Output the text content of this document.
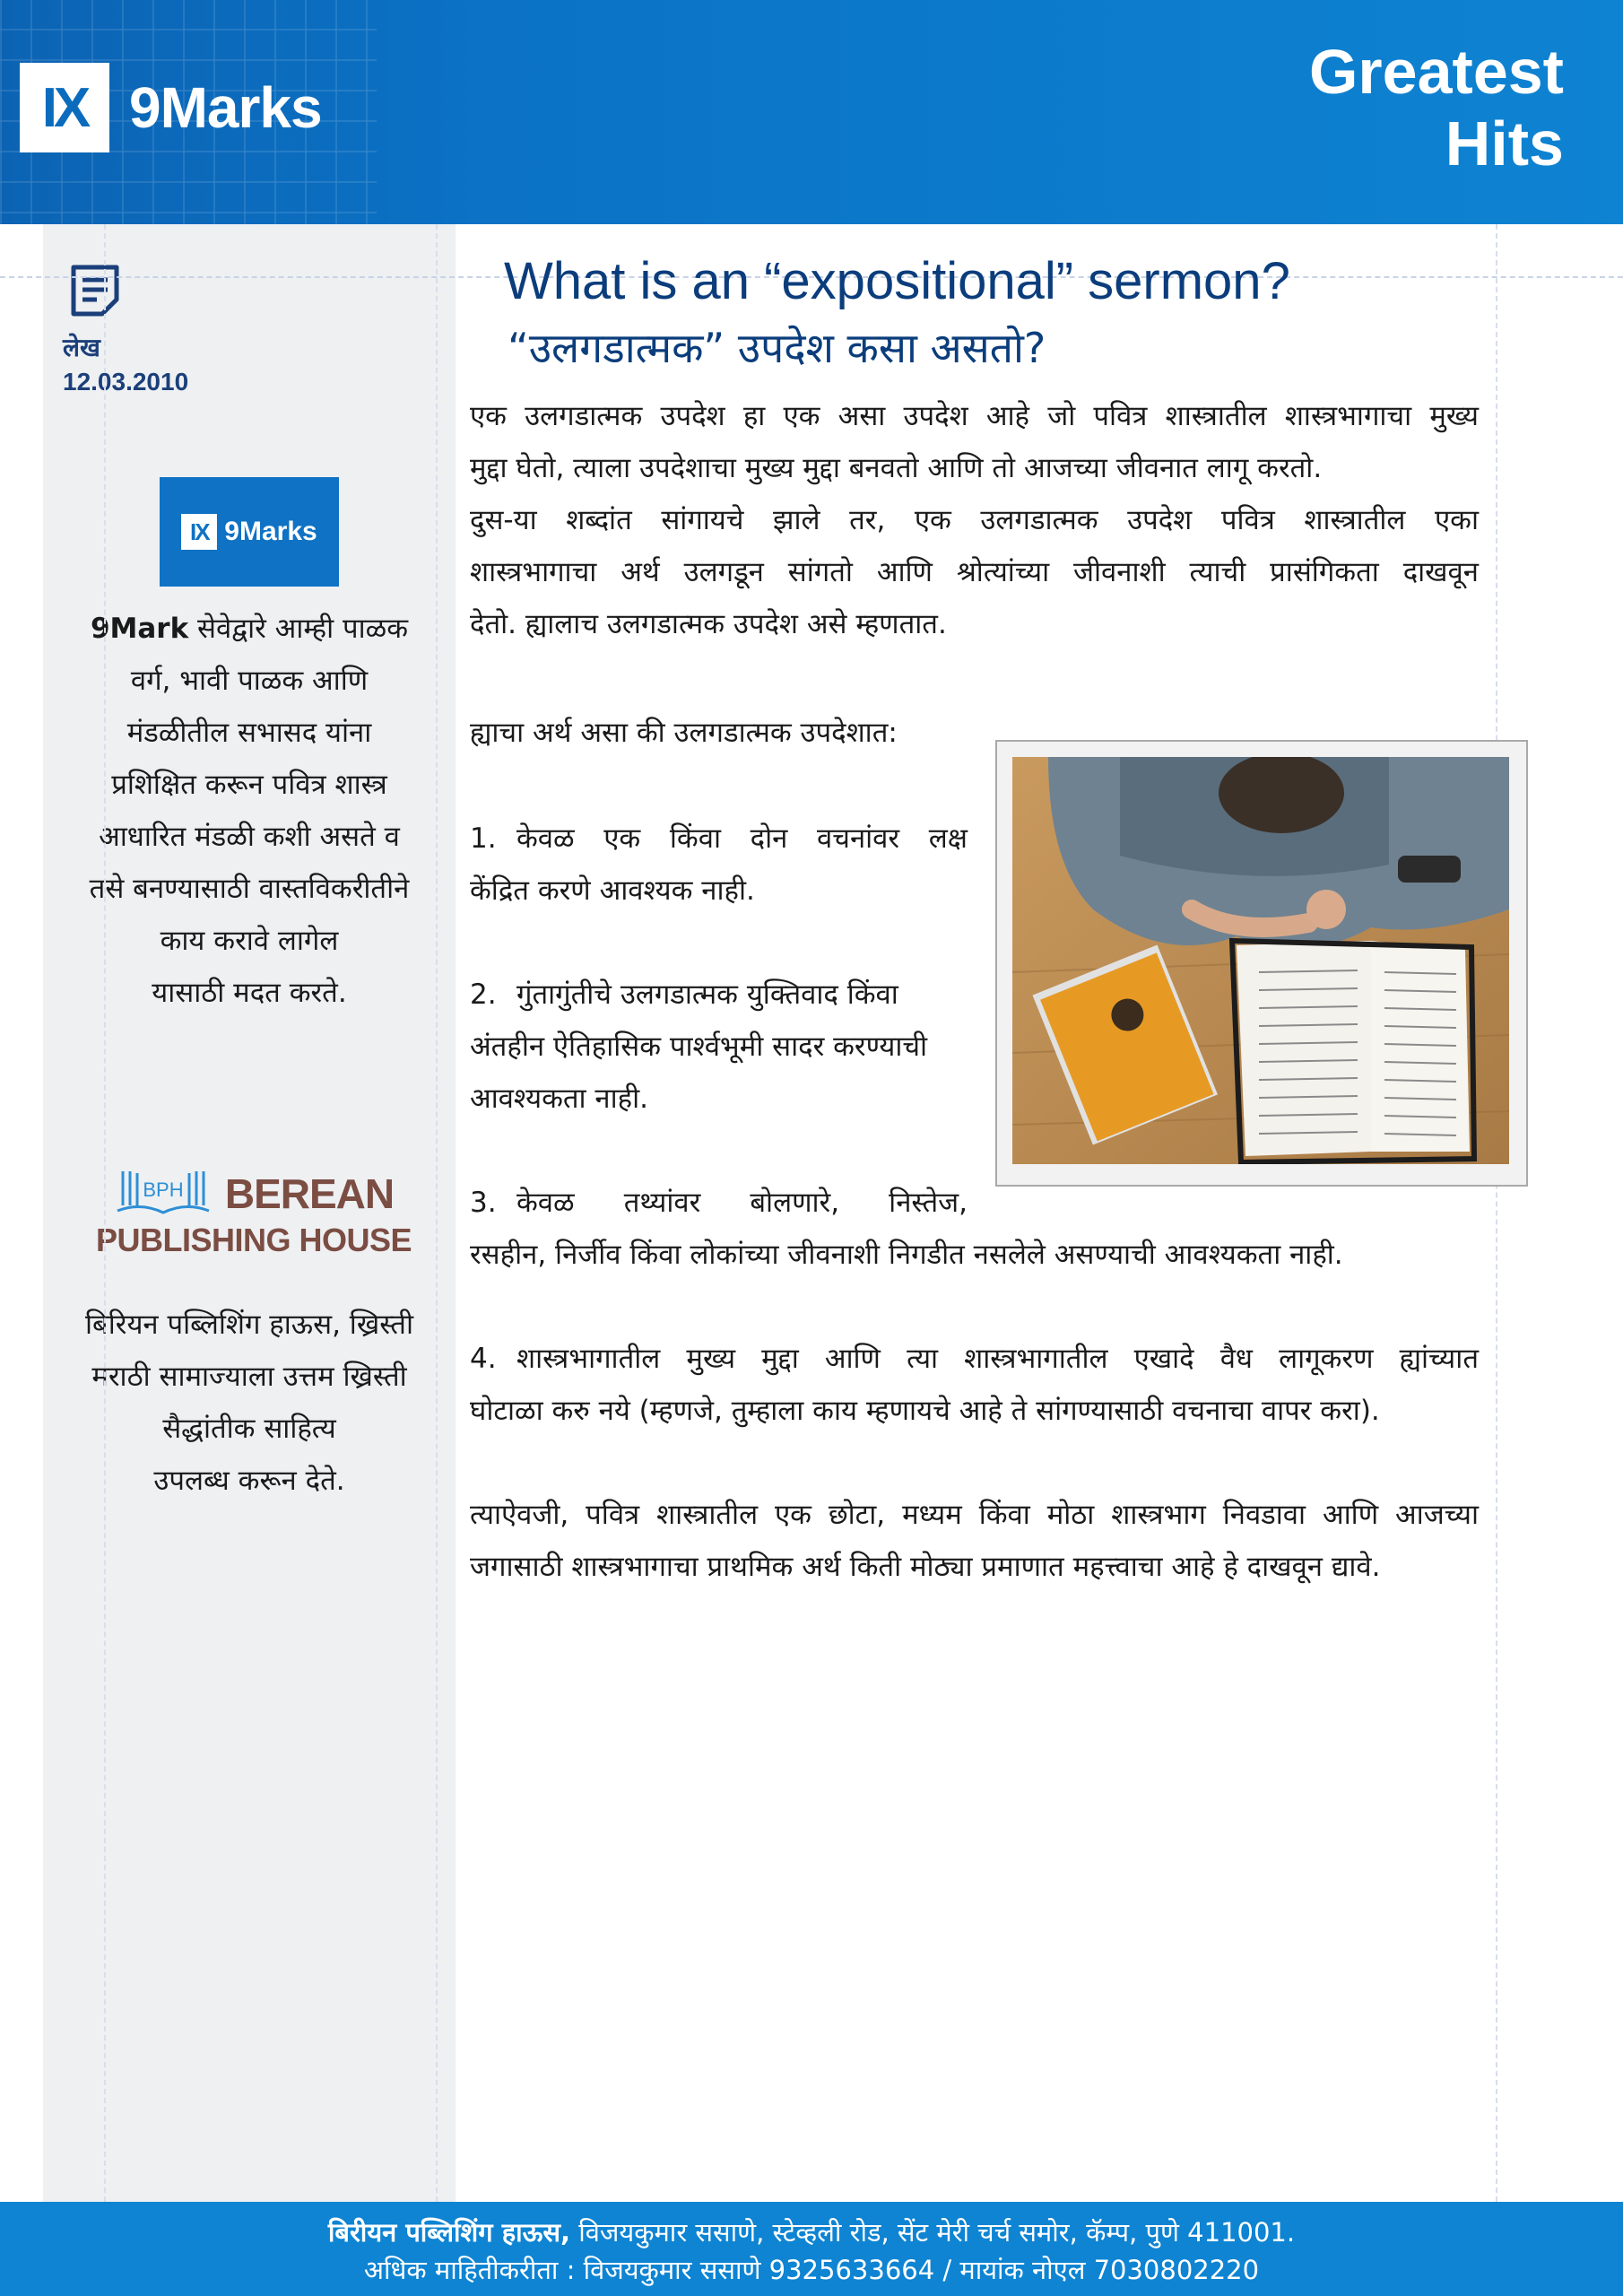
IX 9Marks
Greatest
Hits
लेख
12.03.2010
IX 9Marks
9Mark सेवेद्वारे आम्ही पाळक
वर्ग, भावी पाळक आणि
मंडळीतील सभासद यांना
प्रशिक्षित करून पवित्र शास्त्र
आधारित मंडळी कशी असते व
तसे बनण्यासाठी वास्तविकरीतीने
काय करावे लागेल
यासाठी मदत करते.
BPH BEREAN
PUBLISHING HOUSE
बिरियन पब्लिशिंग हाऊस, ख्रिस्ती
मराठी सामाज्याला उत्तम ख्रिस्ती
सैद्धांतीक साहित्य
उपलब्ध करून देते.
What is an “expositional” sermon?
“उलगडात्मक” उपदेश कसा असतो?
एक उलगडात्मक उपदेश हा एक असा उपदेश आहे जो पवित्र शास्त्रातील शास्त्रभागाचा मुख्य
मुद्दा घेतो, त्याला उपदेशाचा मुख्य मुद्दा बनवतो आणि तो आजच्या जीवनात लागू करतो.
दुस-या शब्दांत सांगायचे झाले तर, एक उलगडात्मक उपदेश पवित्र शास्त्रातील एका
शास्त्रभागाचा अर्थ उलगडून सांगतो आणि श्रोत्यांच्या जीवनाशी त्याची प्रासंगिकता दाखवून
देतो. ह्यालाच उलगडात्मक उपदेश असे म्हणतात.
ह्याचा अर्थ असा की उलगडात्मक उपदेशात:
1. केवळ एक किंवा दोन वचनांवर लक्ष
केंद्रित करणे आवश्यक नाही.
2. गुंतागुंतीचे उलगडात्मक युक्तिवाद किंवा
अंतहीन ऐतिहासिक पार्श्वभूमी सादर करण्याची
आवश्यकता नाही.
3. केवळ तथ्यांवर बोलणारे, निस्तेज,
रसहीन, निर्जीव किंवा लोकांच्या जीवनाशी निगडीत नसलेले असण्याची आवश्यकता नाही.
4. शास्त्रभागातील मुख्य मुद्दा आणि त्या शास्त्रभागातील एखादे वैध लागूकरण ह्यांच्यात
घोटाळा करु नये (म्हणजे, तुम्हाला काय म्हणायचे आहे ते सांगण्यासाठी वचनाचा वापर करा).
त्याऐवजी, पवित्र शास्त्रातील एक छोटा, मध्यम किंवा मोठा शास्त्रभाग निवडावा आणि आजच्या
जगासाठी शास्त्रभागाचा प्राथमिक अर्थ किती मोठ्या प्रमाणात महत्त्वाचा आहे हे दाखवून द्यावे.
बिरीयन पब्लिशिंग हाऊस, विजयकुमार ससाणे, स्टेव्हली रोड, सेंट मेरी चर्च समोर, कॅम्प, पुणे 411001.
अधिक माहितीकरीता : विजयकुमार ससाणे 9325633664 / मायांक नोएल 7030802220
